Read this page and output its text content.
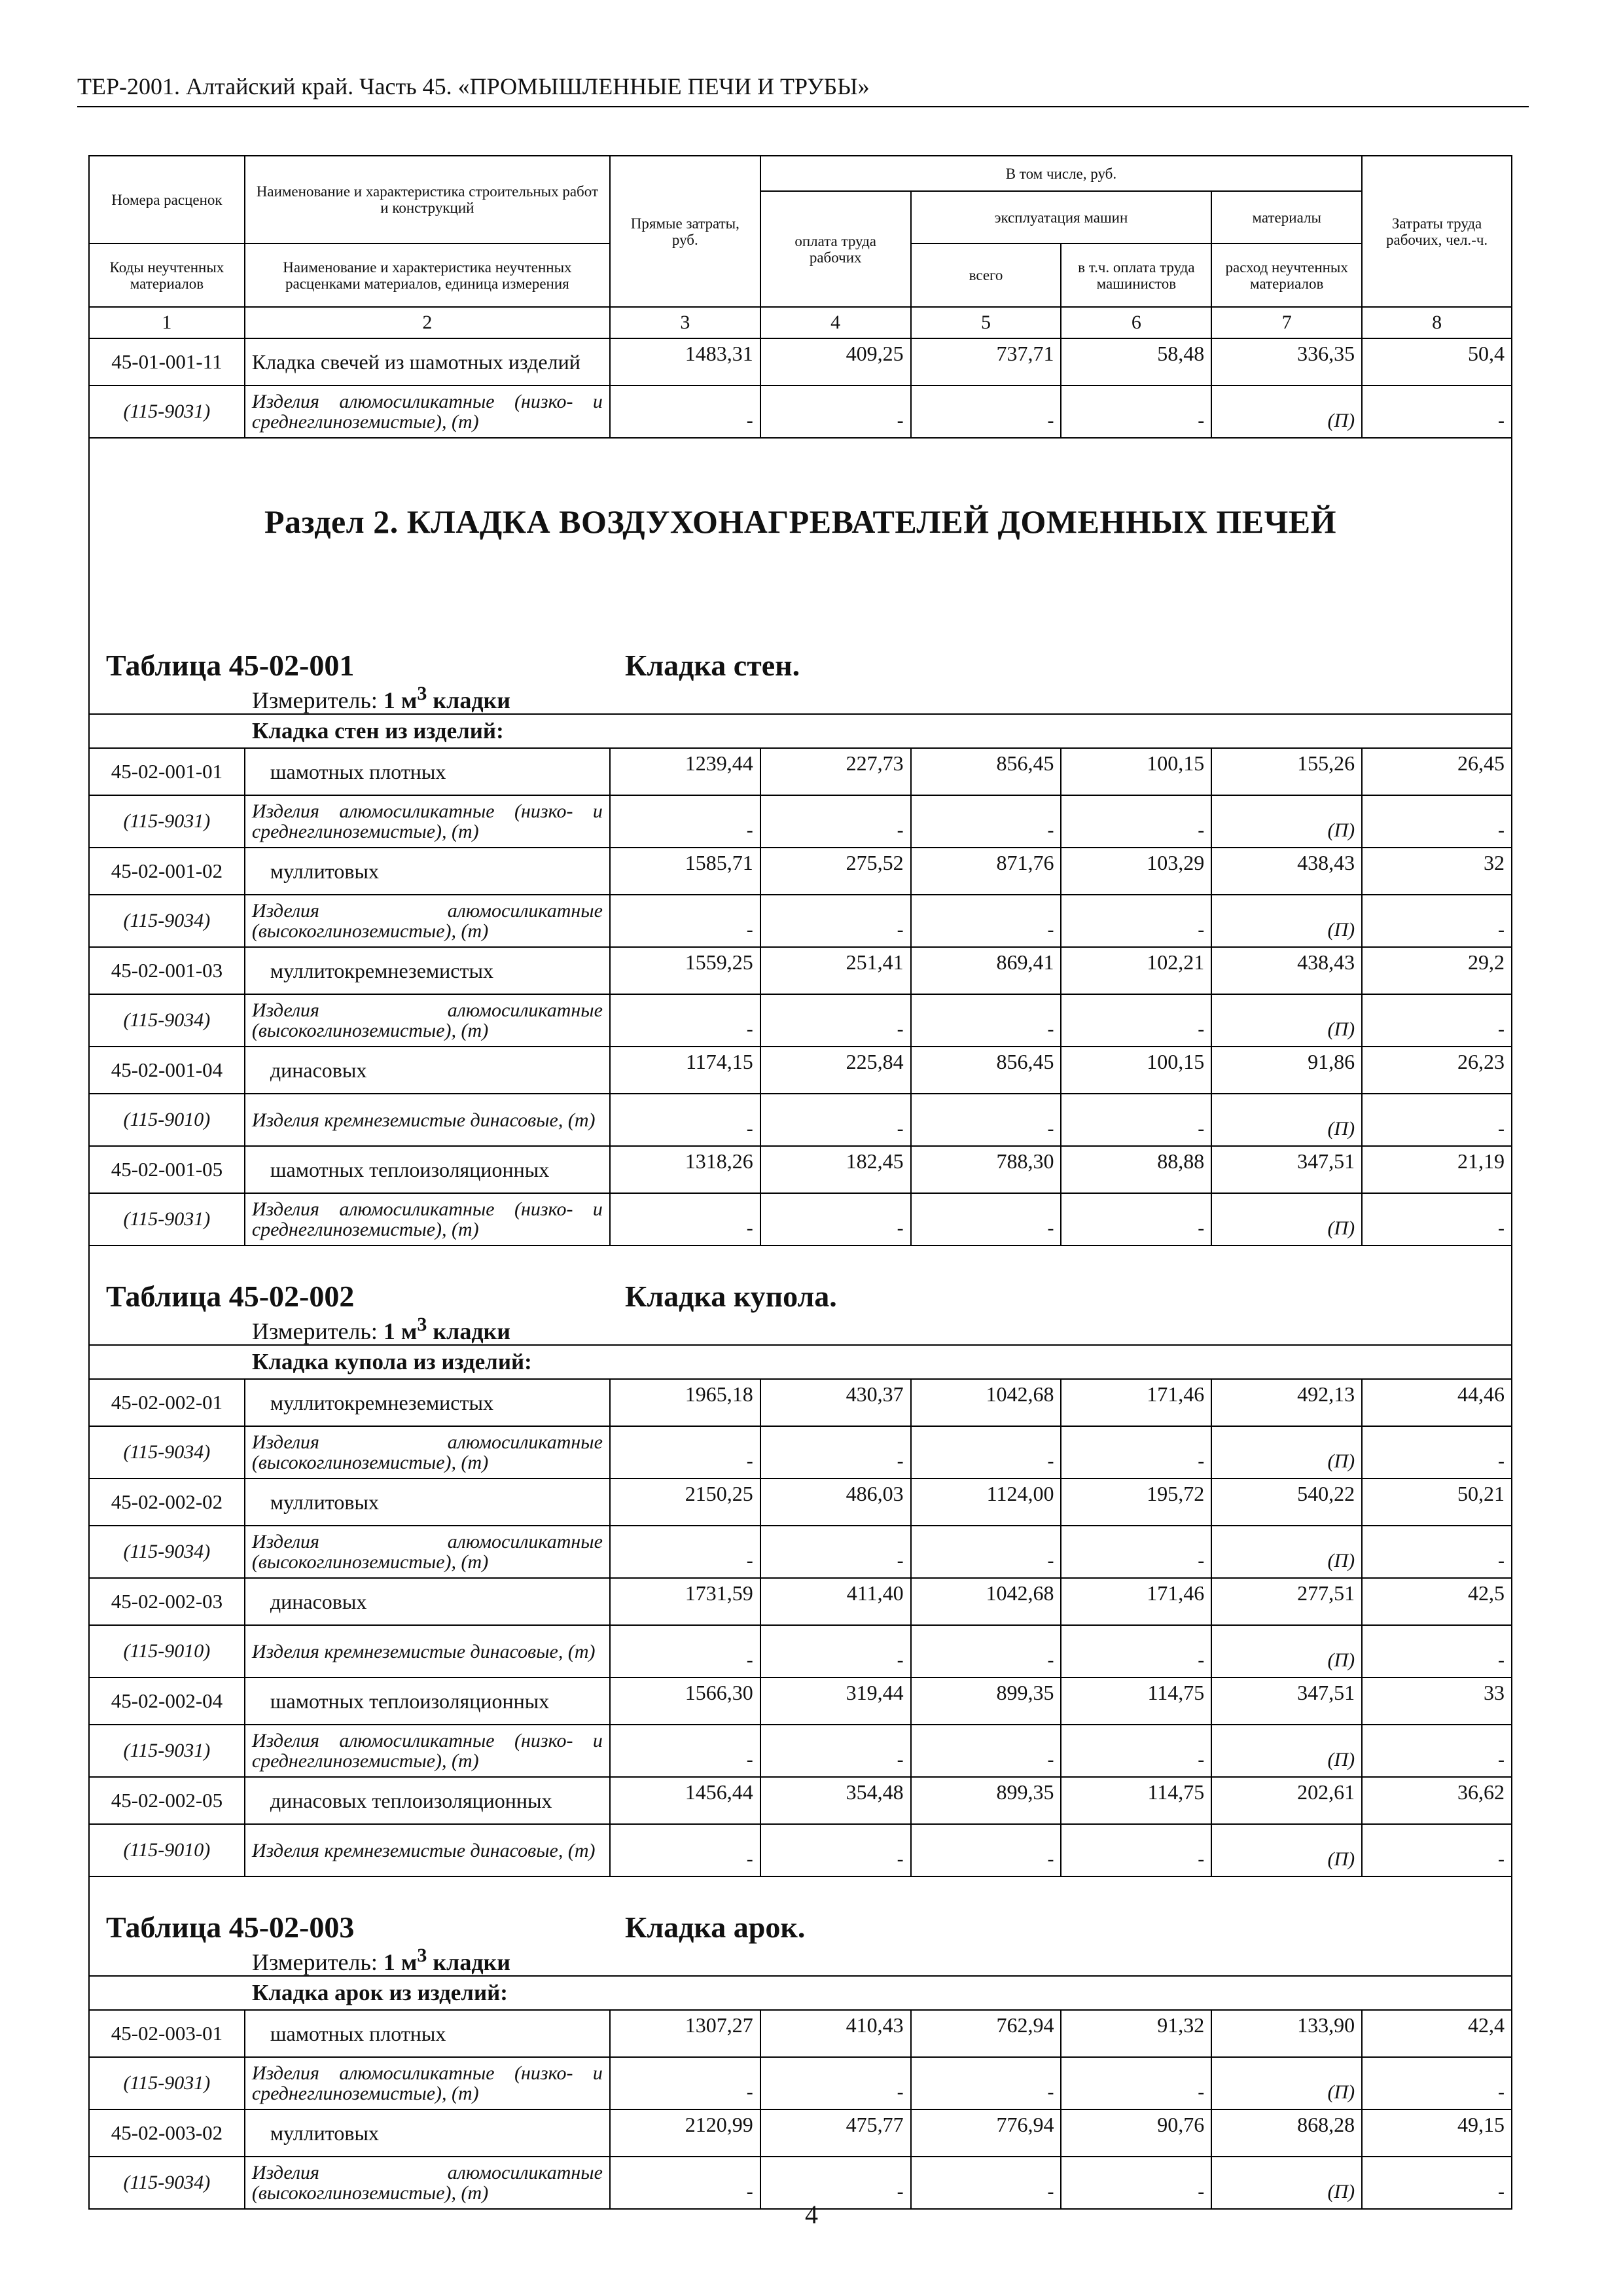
ТЕР-2001. Алтайский край. Часть 45. «ПРОМЫШЛЕННЫЕ ПЕЧИ И ТРУБЫ»
Номера расценок	Наименование и характеристика строительных работ и конструкций	Прямые затраты, руб.	В том числе, руб.				Затраты труда рабочих, чел.-ч.
			оплата труда рабочих	эксплуатация машин		материалы	
Коды неучтенных материалов	Наименование и характеристика неучтенных расценками материалов, единица измерения			всего	в т.ч. оплата труда машинистов	расход неучтенных материалов	

1	2	3	4	5	6	7	8
45-01-001-11	Кладка свечей из шамотных изделий	1483,31	409,25	737,71	58,48	336,35	50,4
(115-9031)	Изделия алюмосиликатные (низко- и среднеглиноземистые), (т)	-	-	-	-	(П)	-

Раздел 2. КЛАДКА ВОЗДУХОНАГРЕВАТЕЛЕЙ ДОМЕННЫХ ПЕЧЕЙ
Таблица 45-02-001 Кладка стен.
Измеритель: 1 $м^3$ кладки							

Кладка стен из изделий:							
45-02-001-01	шамотных плотных	1239,44	227,73	856,45	100,15	155,26	26,45
(115-9031)	Изделия алюмосиликатные (низко- и среднеглиноземистые), (т)	-	-	-	-	(П)	-
45-02-001-02	муллитовых	1585,71	275,52	871,76	103,29	438,43	32
(115-9034)	Изделия алюмосиликатные (высокоглиноземистые), (т)	-	-	-	-	(П)	-
45-02-001-03	муллитокремнеземистых	1559,25	251,41	869,41	102,21	438,43	29,2
(115-9034)	Изделия алюмосиликатные (высокоглиноземистые), (т)	-	-	-	-	(П)	-
45-02-001-04	динасовых	1174,15	225,84	856,45	100,15	91,86	26,23
(115-9010)	Изделия кремнеземистые динасовые, (т)	-	-	-	-	(П)	-
45-02-001-05	шамотных теплоизоляционных	1318,26	182,45	788,30	88,88	347,51	21,19
(115-9031)	Изделия алюмосиликатные (низко- и среднеглиноземистые), (т)	-	-	-	-	(П)	-

Таблица 45-02-002 Кладка купола.
Измеритель: 1 $м^3$ кладки							

Кладка купола из изделий:							
45-02-002-01	муллитокремнеземистых	1965,18	430,37	1042,68	171,46	492,13	44,46
(115-9034)	Изделия алюмосиликатные (высокоглиноземистые), (т)	-	-	-	-	(П)	-
45-02-002-02	муллитовых	2150,25	486,03	1124,00	195,72	540,22	50,21
(115-9034)	Изделия алюмосиликатные (высокоглиноземистые), (т)	-	-	-	-	(П)	-
45-02-002-03	динасовых	1731,59	411,40	1042,68	171,46	277,51	42,5
(115-9010)	Изделия кремнеземистые динасовые, (т)	-	-	-	-	(П)	-
45-02-002-04	шамотных теплоизоляционных	1566,30	319,44	899,35	114,75	347,51	33
(115-9031)	Изделия алюмосиликатные (низко- и среднеглиноземистые), (т)	-	-	-	-	(П)	-
45-02-002-05	динасовых теплоизоляционных	1456,44	354,48	899,35	114,75	202,61	36,62
(115-9010)	Изделия кремнеземистые динасовые, (т)	-	-	-	-	(П)	-

Таблица 45-02-003 Кладка арок.
Измеритель: 1 $м^3$ кладки							

Кладка арок из изделий:							
45-02-003-01	шамотных плотных	1307,27	410,43	762,94	91,32	133,90	42,4
(115-9031)	Изделия алюмосиликатные (низко- и среднеглиноземистые), (т)	-	-	-	-	(П)	-
45-02-003-02	муллитовых	2120,99	475,77	776,94	90,76	868,28	49,15
(115-9034)	Изделия алюмосиликатные (высокоглиноземистые), (т)	-	-	-	-	(П)	-
4
